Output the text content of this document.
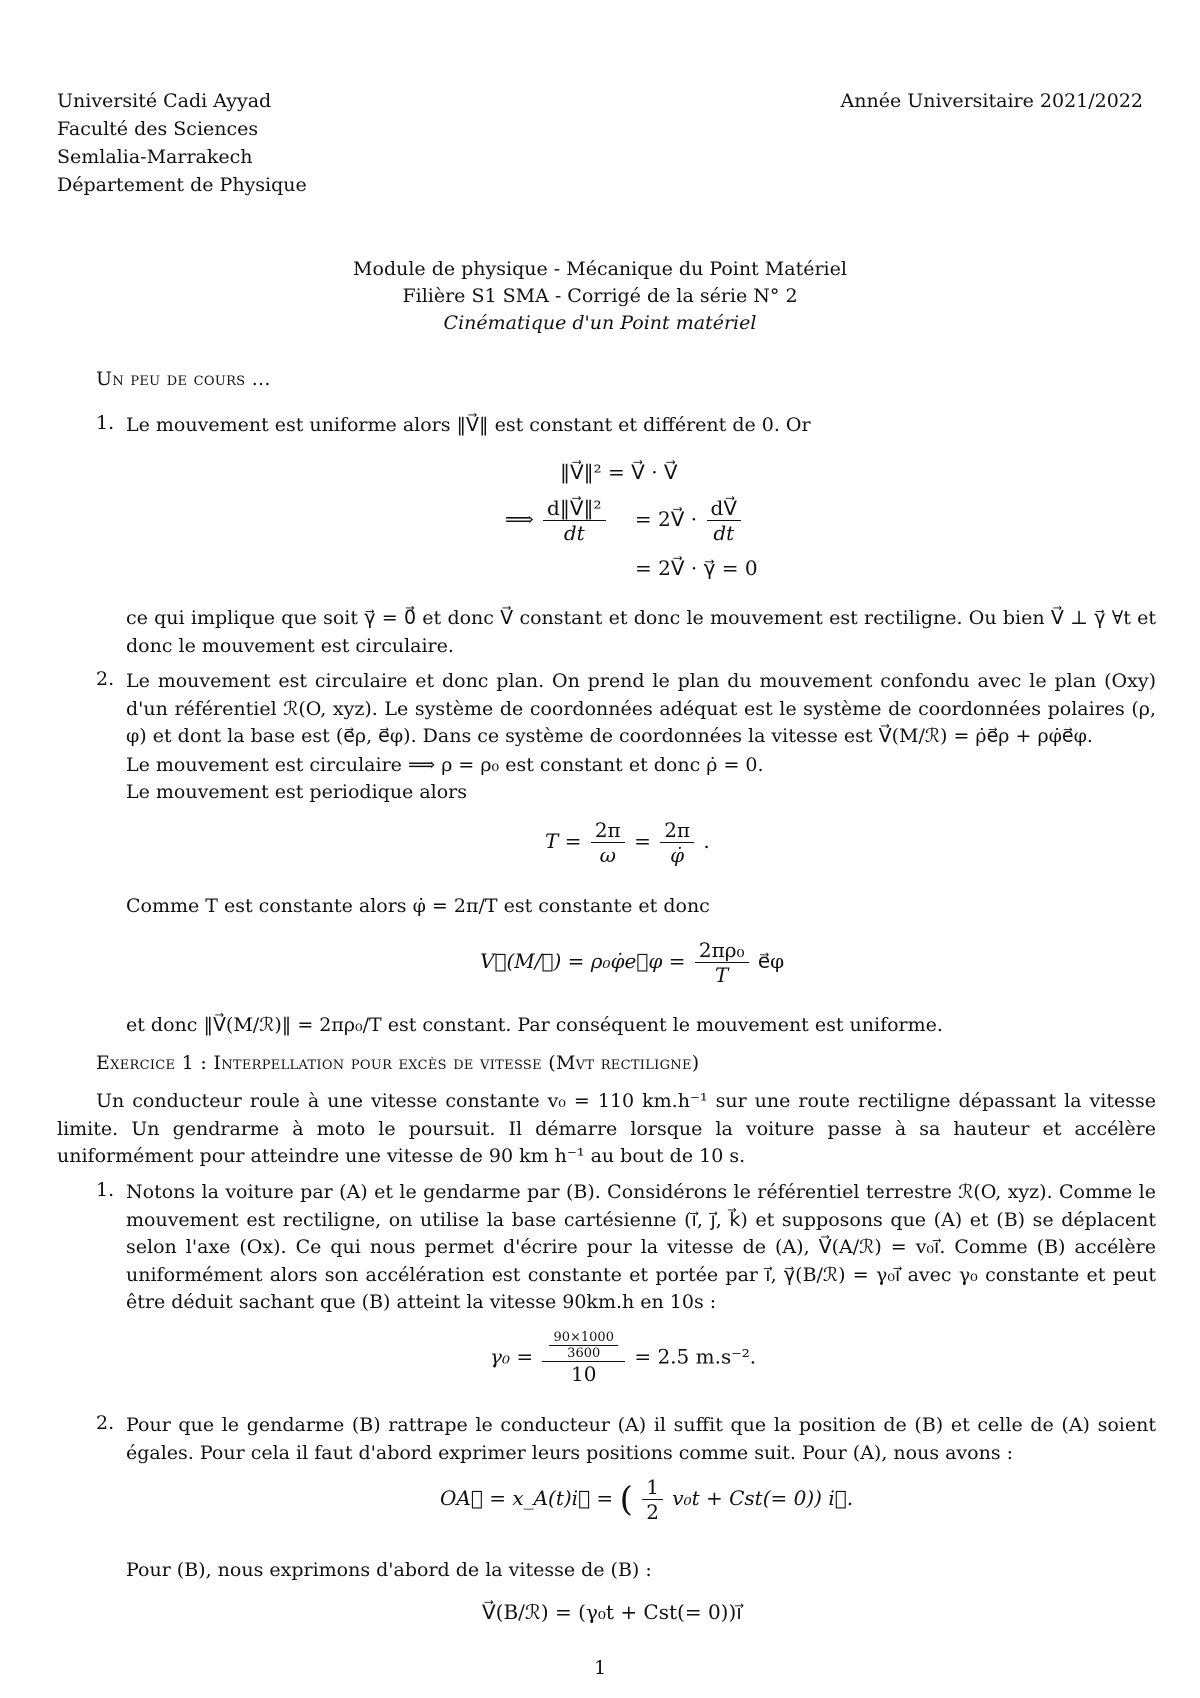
Université Cadi Ayyad
Faculté des Sciences
Semlalia-Marrakech
Département de Physique
Année Universitaire 2021/2022
Module de physique - Mécanique du Point Matériel
Filière S1 SMA - Corrigé de la série N° 2
Cinématique d'un Point matériel
Un peu de cours ...
1. Le mouvement est uniforme alors ‖V⃗‖ est constant et différent de 0. Or
‖V⃗‖² = V⃗ · V⃗
⟹ $\frac{\text{d‖V⃗‖²}}{dt}$ = 2V⃗ · $\frac{dV⃗}{dt}$
= 2V⃗ · γ⃗ = 0
ce qui implique que soit γ⃗ = 0⃗ et donc V⃗ constant et donc le mouvement est rectiligne. Ou bien V⃗ ⊥ γ⃗ ∀t et donc le mouvement est circulaire.
2. Le mouvement est circulaire et donc plan. On prend le plan du mouvement confondu avec le plan (Oxy) d'un référentiel ℛ(O, xyz). Le système de coordonnées adéquat est le système de coordonnées polaires (ρ, φ) et dont la base est (e⃗ρ, e⃗φ). Dans ce système de coordonnées la vitesse est V⃗(M/ℛ) = ρ̇e⃗ρ + ρφ̇e⃗φ.
Le mouvement est circulaire ⟹ ρ = ρ₀ est constant et donc ρ̇ = 0.
Le mouvement est periodique alors
$T = \frac{2\pi}{\omega} = \frac{2\pi}{\varphi̇}$ .
Comme T est constante alors φ̇ = 2π/T est constante et donc
V⃗(M/ℛ) = ρ₀φ̇e⃗φ = $\frac{\text{2πρ₀}}{T}$ e⃗φ
et donc ‖V⃗(M/ℛ)‖ = 2πρ₀/T est constant. Par conséquent le mouvement est uniforme.
Exercice 1 : Interpellation pour excès de vitesse (Mvt rectiligne)
Un conducteur roule à une vitesse constante v₀ = 110 km.h⁻¹ sur une route rectiligne dépassant la vitesse limite. Un gendrarme à moto le poursuit. Il démarre lorsque la voiture passe à sa hauteur et accélère uniformément pour atteindre une vitesse de 90 km h⁻¹ au bout de 10 s.
1. Notons la voiture par (A) et le gendarme par (B). Considérons le référentiel terrestre ℛ(O, xyz). Comme le mouvement est rectiligne, on utilise la base cartésienne (i⃗, j⃗, k⃗) et supposons que (A) et (B) se déplacent selon l'axe (Ox). Ce qui nous permet d'écrire pour la vitesse de (A), V⃗(A/ℛ) = v₀i⃗. Comme (B) accélère uniformément alors son accélération est constante et portée par i⃗, γ⃗(B/ℛ) = γ₀i⃗ avec γ₀ constante et peut être déduit sachant que (B) atteint la vitesse 90km.h en 10s :
$\gamma_0 = \frac{\frac{90\times 1000}{3600}}{10} = 2.5$ m.s⁻².
2. Pour que le gendarme (B) rattrape le conducteur (A) il suffit que la position de (B) et celle de (A) soient égales. Pour cela il faut d'abord exprimer leurs positions comme suit. Pour (A), nous avons :
OA⃗ = x_A(t)i⃗ = ( $\frac{1}{2} v_0t + Cst(= 0)$) i⃗.
Pour (B), nous exprimons d'abord de la vitesse de (B) :
V⃗(B/ℛ) = (γ₀t + Cst(= 0))i⃗
1
